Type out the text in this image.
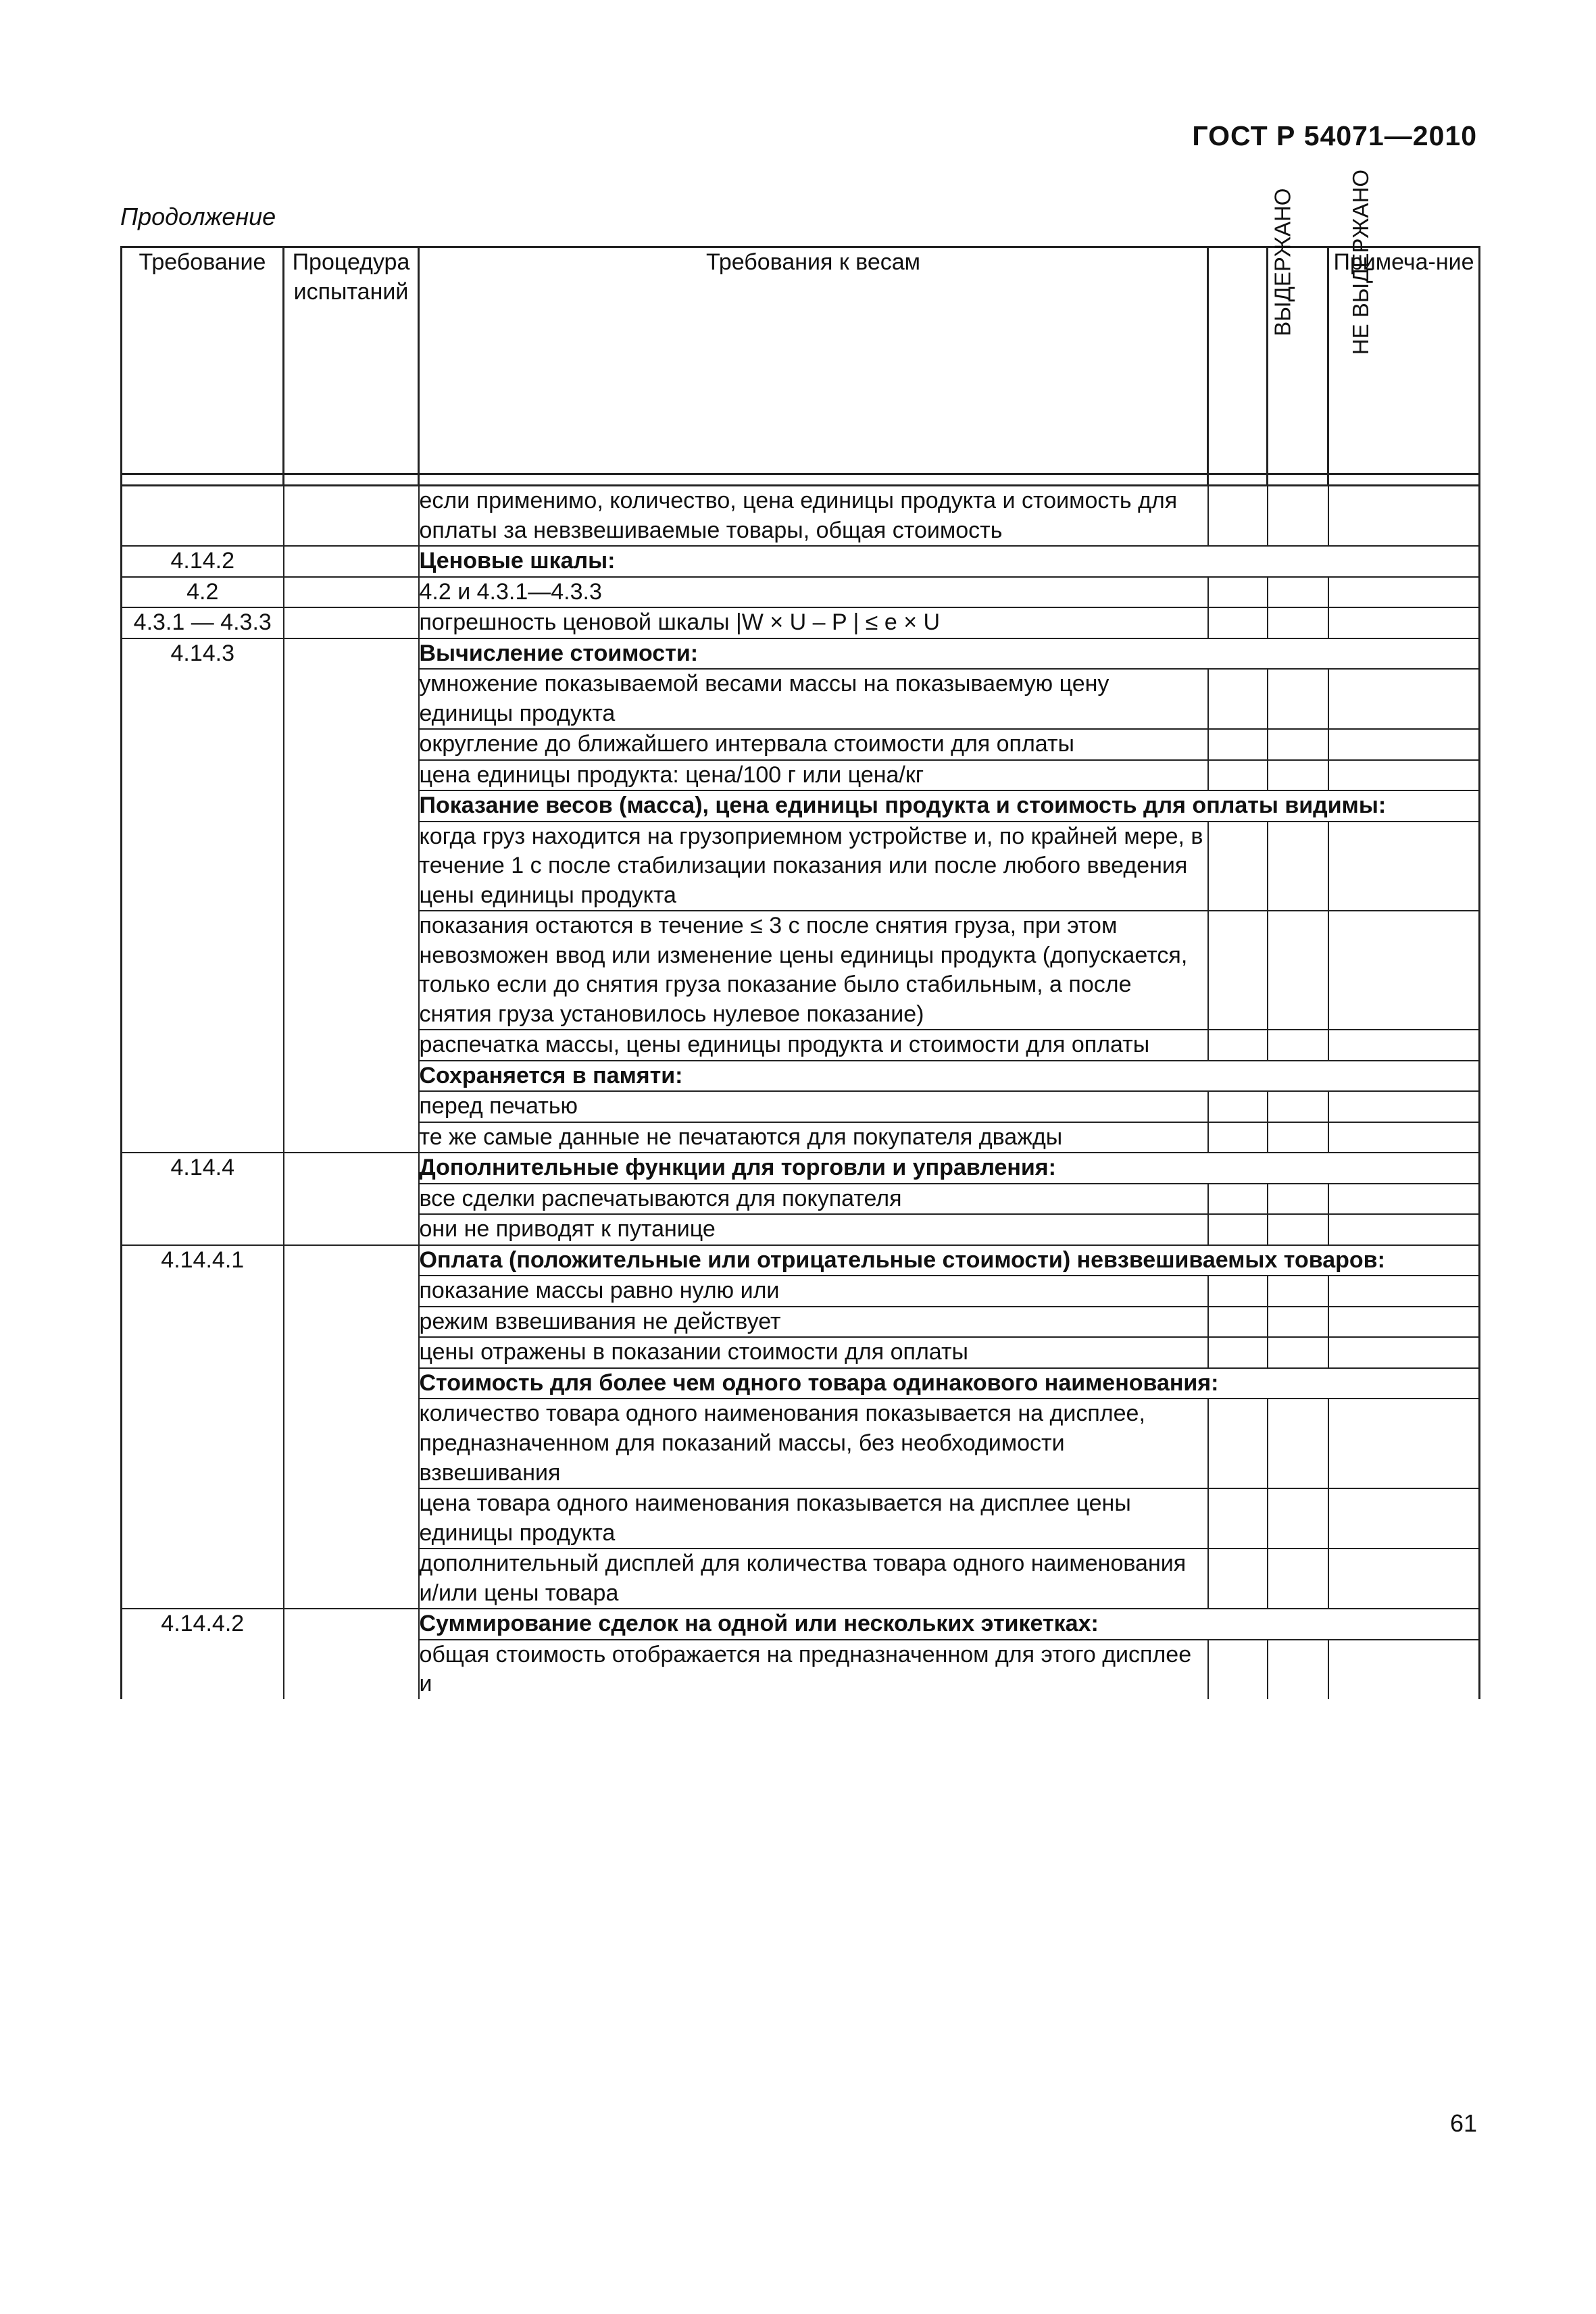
ГОСТ Р 54071—2010
Продолжение
Требование	Процедура испытаний	Требования к весам	ВЫДЕРЖАНО	НЕ ВЫДЕРЖАНО	Примеча-ние

		если применимо, количество, цена единицы продукта и стоимость для оплаты за невзвешиваемые товары, общая стоимость			
4.14.2		Ценовые шкалы:			
4.2		4.2 и 4.3.1—4.3.3			
4.3.1 — 4.3.3		погрешность ценовой шкалы |W × U – P | ≤ e × U			
4.14.3		Вычисление стоимости:			
		умножение показываемой весами массы на показываемую цену единицы продукта			
		округление до ближайшего интервала стоимости для оплаты			
		цена единицы продукта: цена/100 г или цена/кг			
		Показание весов (масса), цена единицы продукта и стоимость для оплаты видимы:			
		когда груз находится на грузоприемном устройстве и, по крайней мере, в течение 1 с после стабилизации показания или после любого введения цены единицы продукта			
		показания остаются в течение ≤ 3 с после снятия груза, при этом невозможен ввод или изменение цены единицы продукта (допускается, только если до снятия груза показание было стабильным, а после снятия груза установилось нулевое показание)			
		распечатка массы, цены единицы продукта и стоимости для оплаты			
		Сохраняется в памяти:			
		перед печатью			
		те же самые данные не печатаются для покупателя дважды			
4.14.4		Дополнительные функции для торговли и управления:			
		все сделки распечатываются для покупателя			
		они не приводят к путанице			
4.14.4.1		Оплата (положительные или отрицательные стоимости) невзвешиваемых товаров:			
		показание массы равно нулю или			
		режим взвешивания не действует			
		цены отражены в показании стоимости для оплаты			
		Стоимость для более чем одного товара одинакового наименования:			
		количество товара одного наименования показывается на дисплее, предназначенном для показаний массы, без необходимости взвешивания			
		цена товара одного наименования показывается на дисплее цены единицы продукта			
		дополнительный дисплей для количества товара одного наименования и/или цены товара			
4.14.4.2		Суммирование сделок на одной или нескольких этикетках:			
		общая стоимость отображается на предназначенном для этого дисплее и			
61
